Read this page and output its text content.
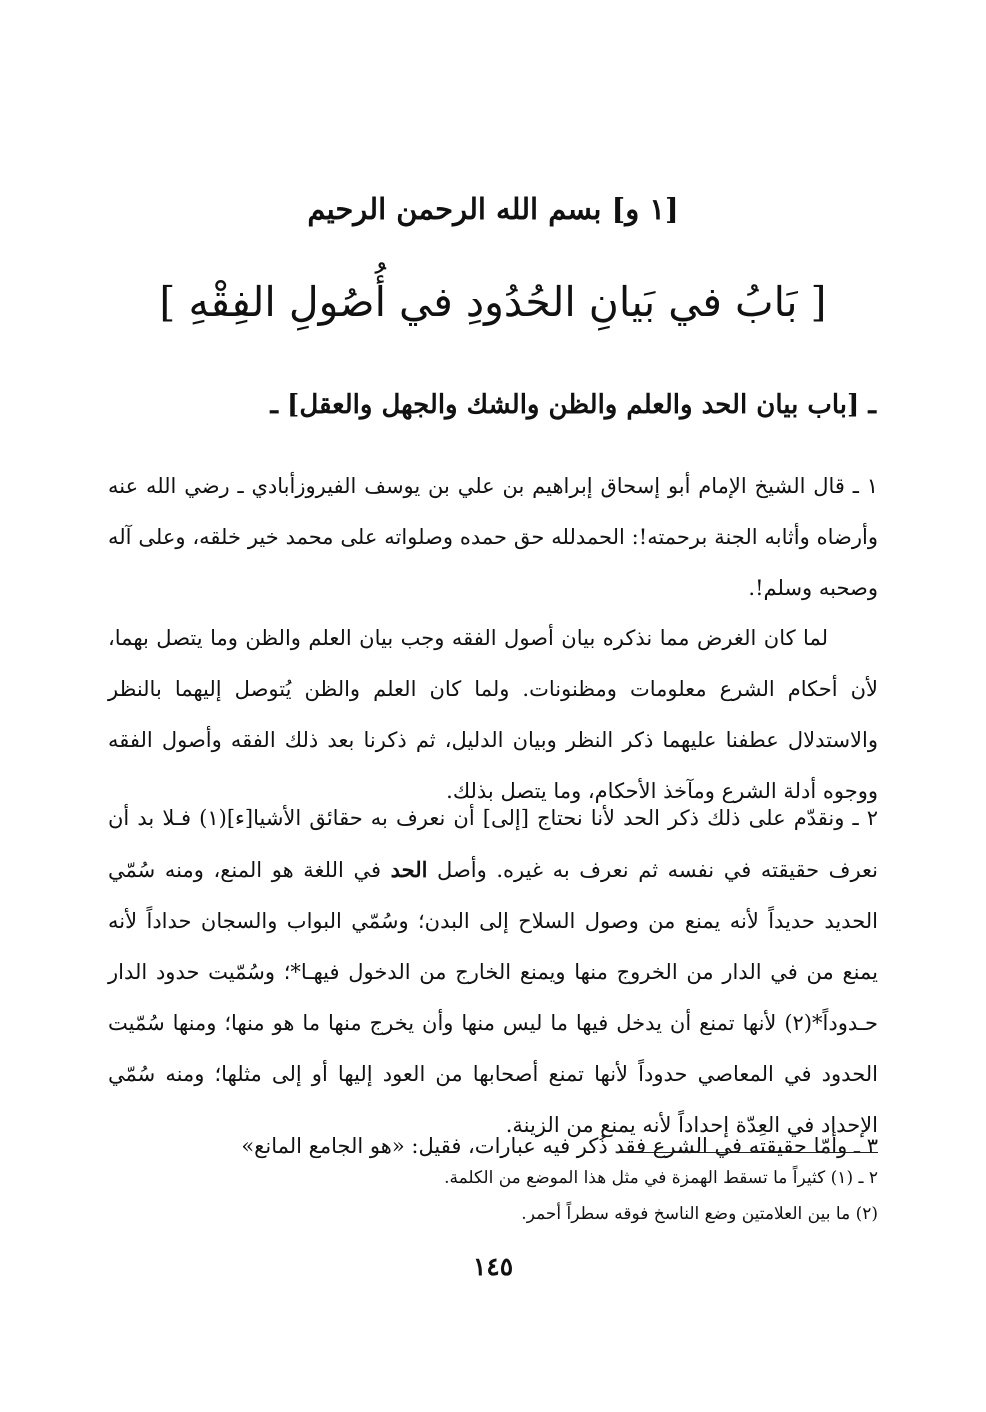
[١ و] بسم الله الرحمن الرحيم
[ بَابُ في بَيانِ الحُدُودِ في أُصُولِ الفِقْهِ ]
ـ [باب بيان الحد والعلم والظن والشك والجهل والعقل] ـ

١ ـ قال الشيخ الإمام أبو إسحاق إبراهيم بن علي بن يوسف الفيروزأبادي ـ رضي الله عنه وأرضاه وأثابه الجنة برحمته!: الحمدلله حق حمده وصلواته على محمد خير خلقه، وعلى آله وصحبه وسلم!.

لما كان الغرض مما نذكره بيان أصول الفقه وجب بيان العلم والظن وما يتصل بهما، لأن أحكام الشرع معلومات ومظنونات. ولما كان العلم والظن يُتوصل إليهما بالنظر والاستدلال عطفنا عليهما ذكر النظر وبيان الدليل، ثم ذكرنا بعد ذلك الفقه وأصول الفقه ووجوه أدلة الشرع ومآخذ الأحكام، وما يتصل بذلك.

٢ ـ ونقدّم على ذلك ذكر الحد لأنا نحتاج [إلى] أن نعرف به حقائق الأشيا[ء](١) فـلا بد أن نعرف حقيقته في نفسه ثم نعرف به غيره. وأصل الحد في اللغة هو المنع، ومنه سُمّي الحديد حديداً لأنه يمنع من وصول السلاح إلى البدن؛ وسُمّي البواب والسجان حداداً لأنه يمنع من في الدار من الخروج منها ويمنع الخارج من الدخول فيهـا*؛ وسُمّيت حدود الدار حـدوداً*(٢) لأنها تمنع أن يدخل فيها ما ليس منها وأن يخرج منها ما هو منها؛ ومنها سُمّيت الحدود في المعاصي حدوداً لأنها تمنع أصحابها من العود إليها أو إلى مثلها؛ ومنه سُمّي الإحداد في العِدّة إحداداً لأنه يمنع من الزينة.

٣ ـ وأمّا حقيقته في الشرع فقد ذُكر فيه عبارات، فقيل: «هو الجامع المانع»

٢ ـ (١) كثيراً ما تسقط الهمزة في مثل هذا الموضع من الكلمة.
(٢) ما بين العلامتين وضع الناسخ فوقه سطراً أحمر.
١٤٥
